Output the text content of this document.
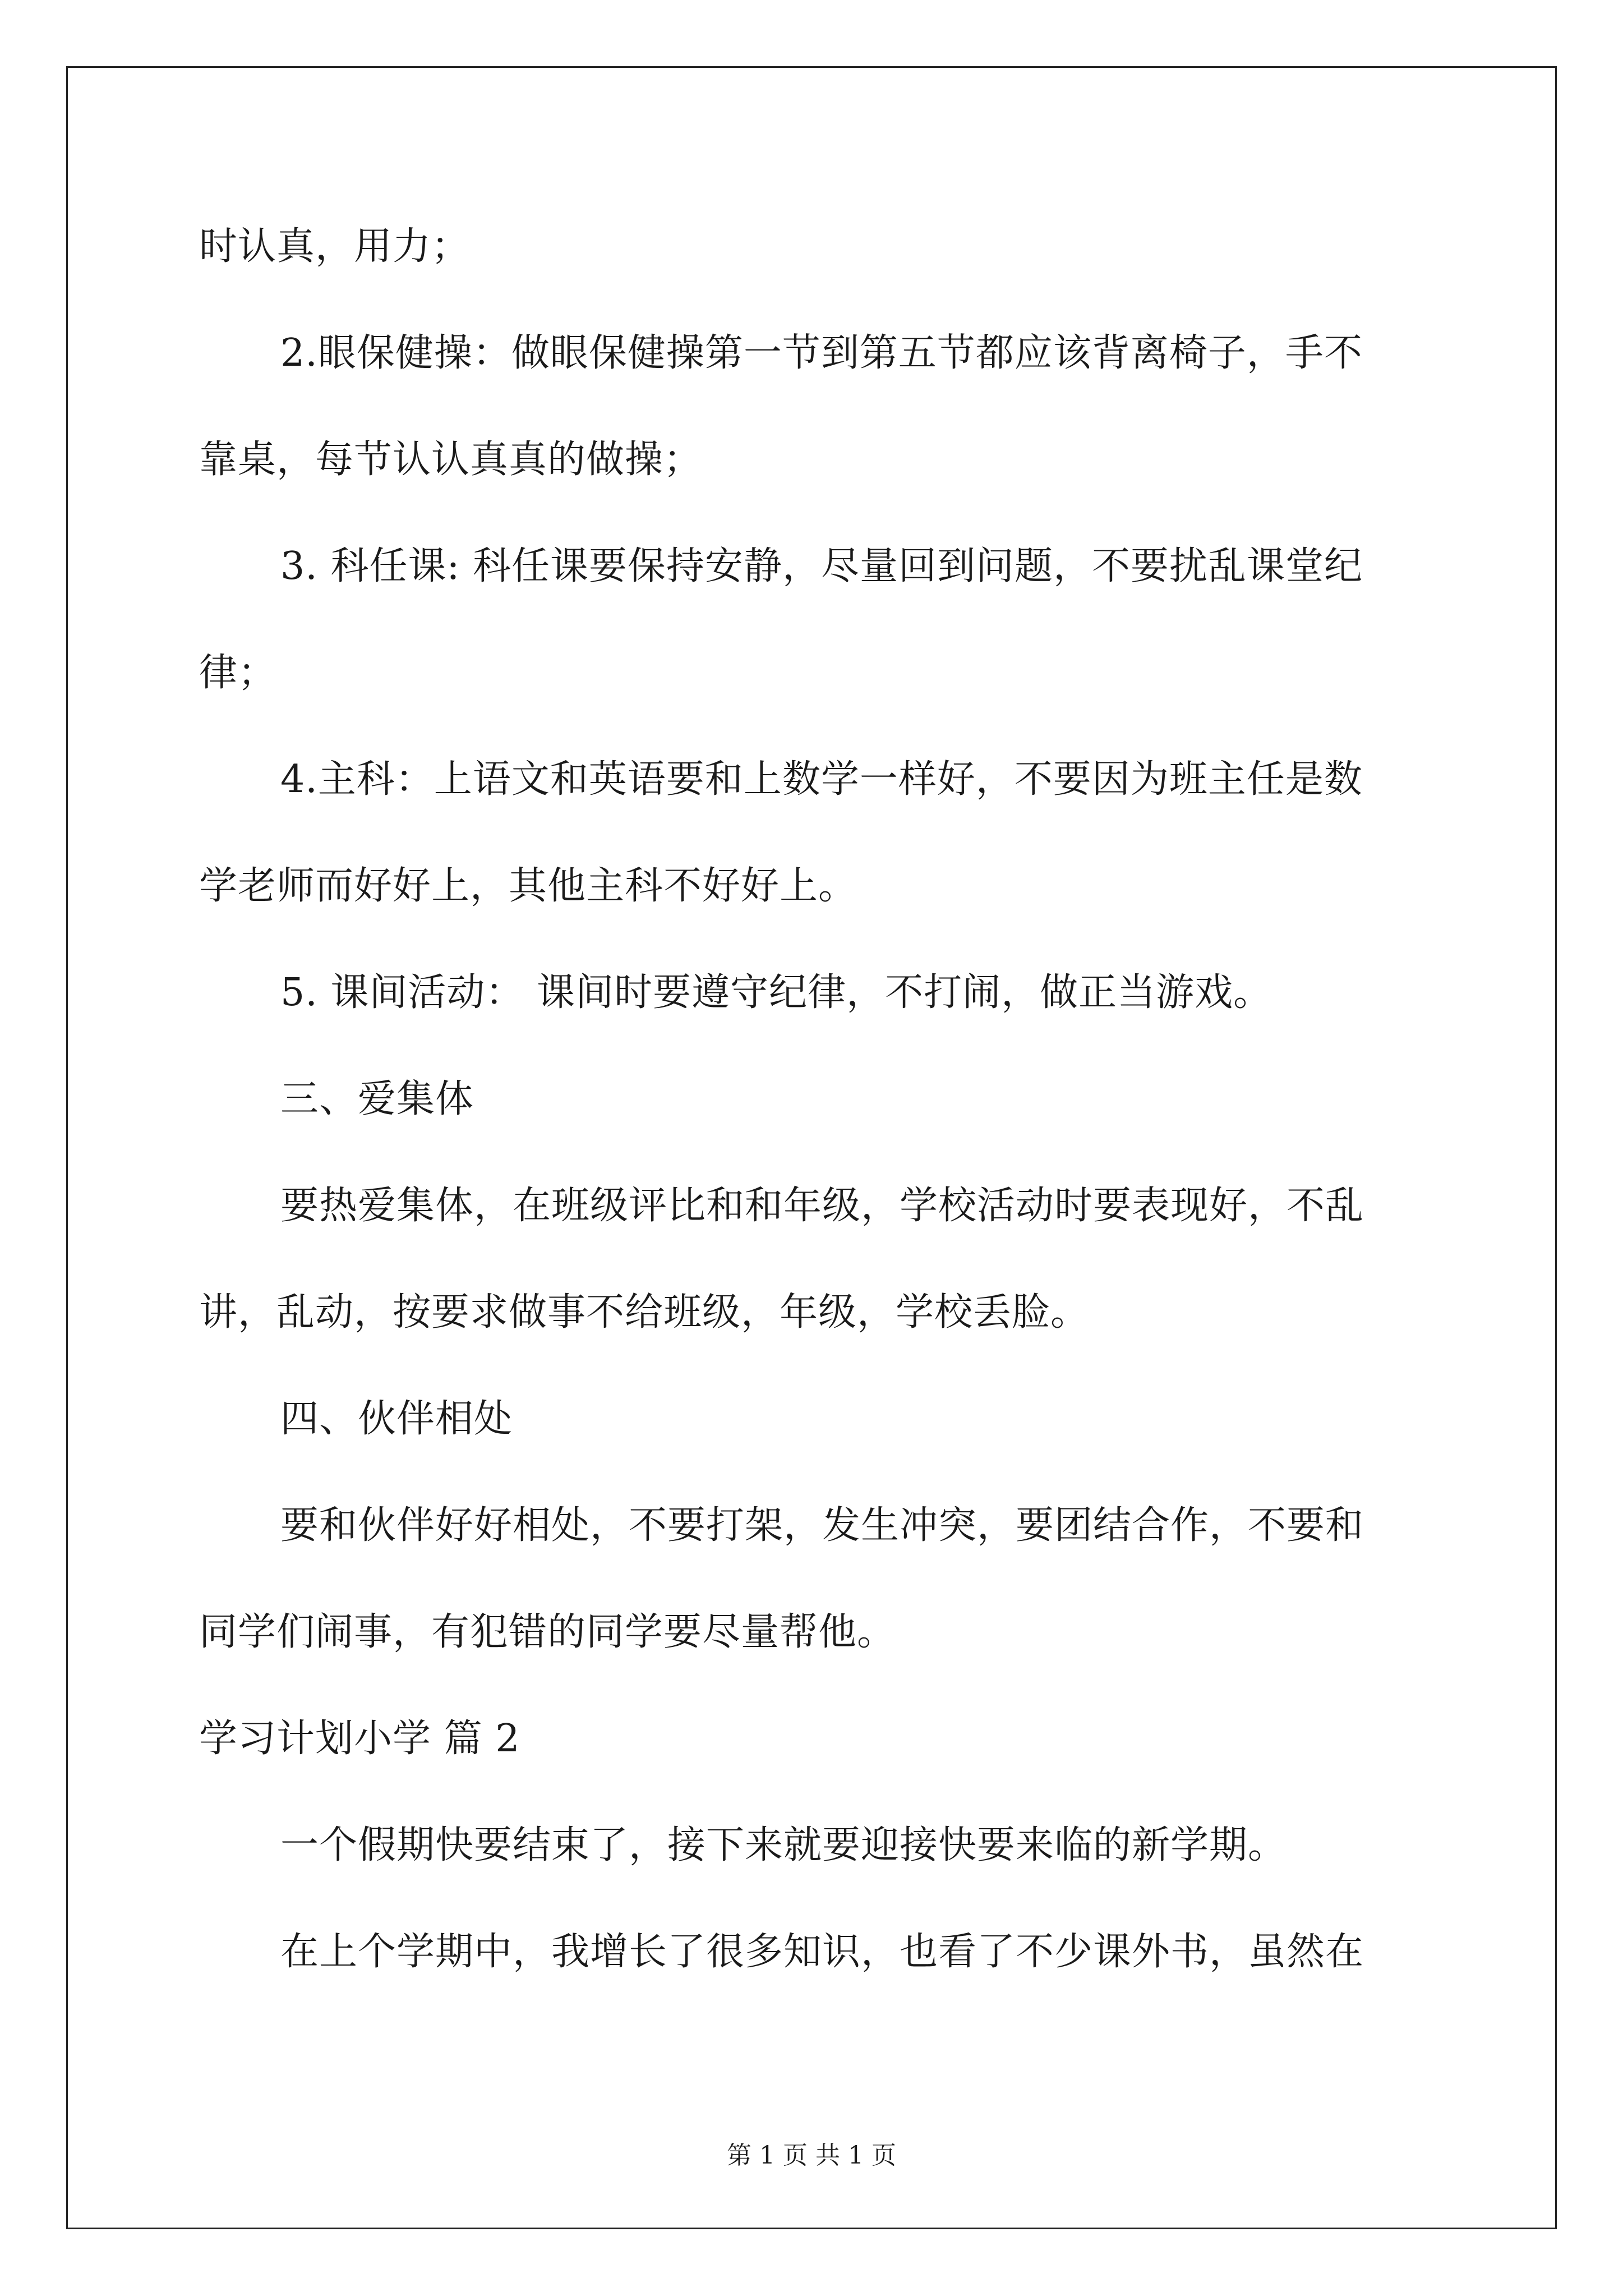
时认真，用力；
2.眼保健操：做眼保健操第一节到第五节都应该背离椅子，手不
靠桌，每节认认真真的做操；
3. 科任课: 科任课要保持安静，尽量回到问题，不要扰乱课堂纪
律；
4.主科：上语文和英语要和上数学一样好，不要因为班主任是数
学老师而好好上，其他主科不好好上。
5. 课间活动： 课间时要遵守纪律，不打闹，做正当游戏。
三、爱集体
要热爱集体，在班级评比和和年级，学校活动时要表现好，不乱
讲，乱动，按要求做事不给班级，年级，学校丢脸。
四、伙伴相处
要和伙伴好好相处，不要打架，发生冲突，要团结合作，不要和
同学们闹事，有犯错的同学要尽量帮他。
学习计划小学 篇 2
一个假期快要结束了，接下来就要迎接快要来临的新学期。
在上个学期中，我增长了很多知识，也看了不少课外书，虽然在
第 1 页 共 1 页
